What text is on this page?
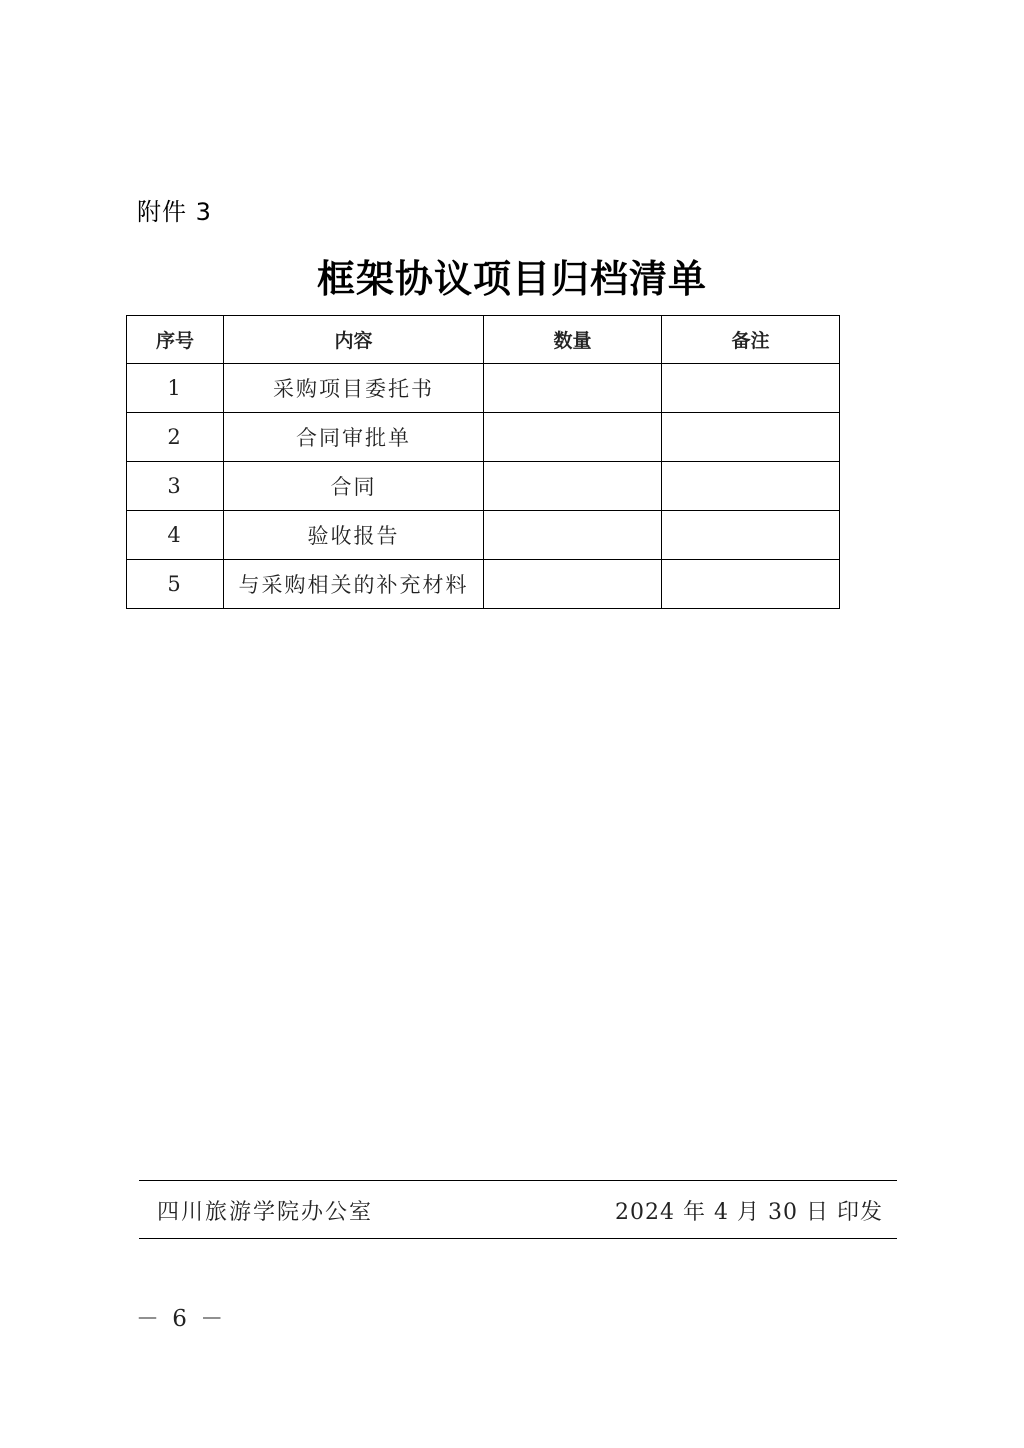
附件 3
框架协议项目归档清单
序号	内容	数量	备注
1	采购项目委托书		
2	合同审批单		
3	合同		
4	验收报告		
5	与采购相关的补充材料		
四川旅游学院办公室	2024 年 4 月 30 日 印发
－ 6 －
